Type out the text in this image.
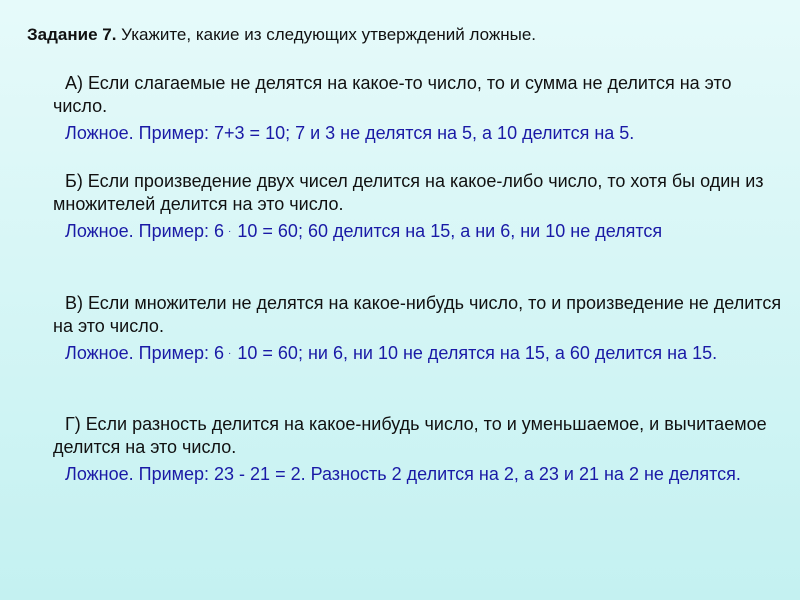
Задание 7. Укажите, какие из следующих утверждений ложные.

А) Если слагаемые не делятся на какое-то число, то и сумма не делится на это число.

Ложное. Пример: 7+3 = 10; 7 и 3 не делятся на 5, а 10 делится на 5.

Б) Если произведение двух чисел делится на какое-либо число, то хотя бы один из множителей делится на это число.

Ложное. Пример: 6 · 10 = 60; 60 делится на 15, а ни 6, ни 10 не делятся

В) Если множители не делятся на какое-нибудь число, то и произведение не делится на это число.

Ложное. Пример: 6 · 10 = 60; ни 6, ни 10 не делятся на 15, а 60 делится на 15.

Г) Если разность делится на какое-нибудь число, то и уменьшаемое, и вычитаемое делится на это число.

Ложное. Пример: 23 - 21 = 2. Разность 2 делится на 2, а 23 и 21 на 2 не делятся.
